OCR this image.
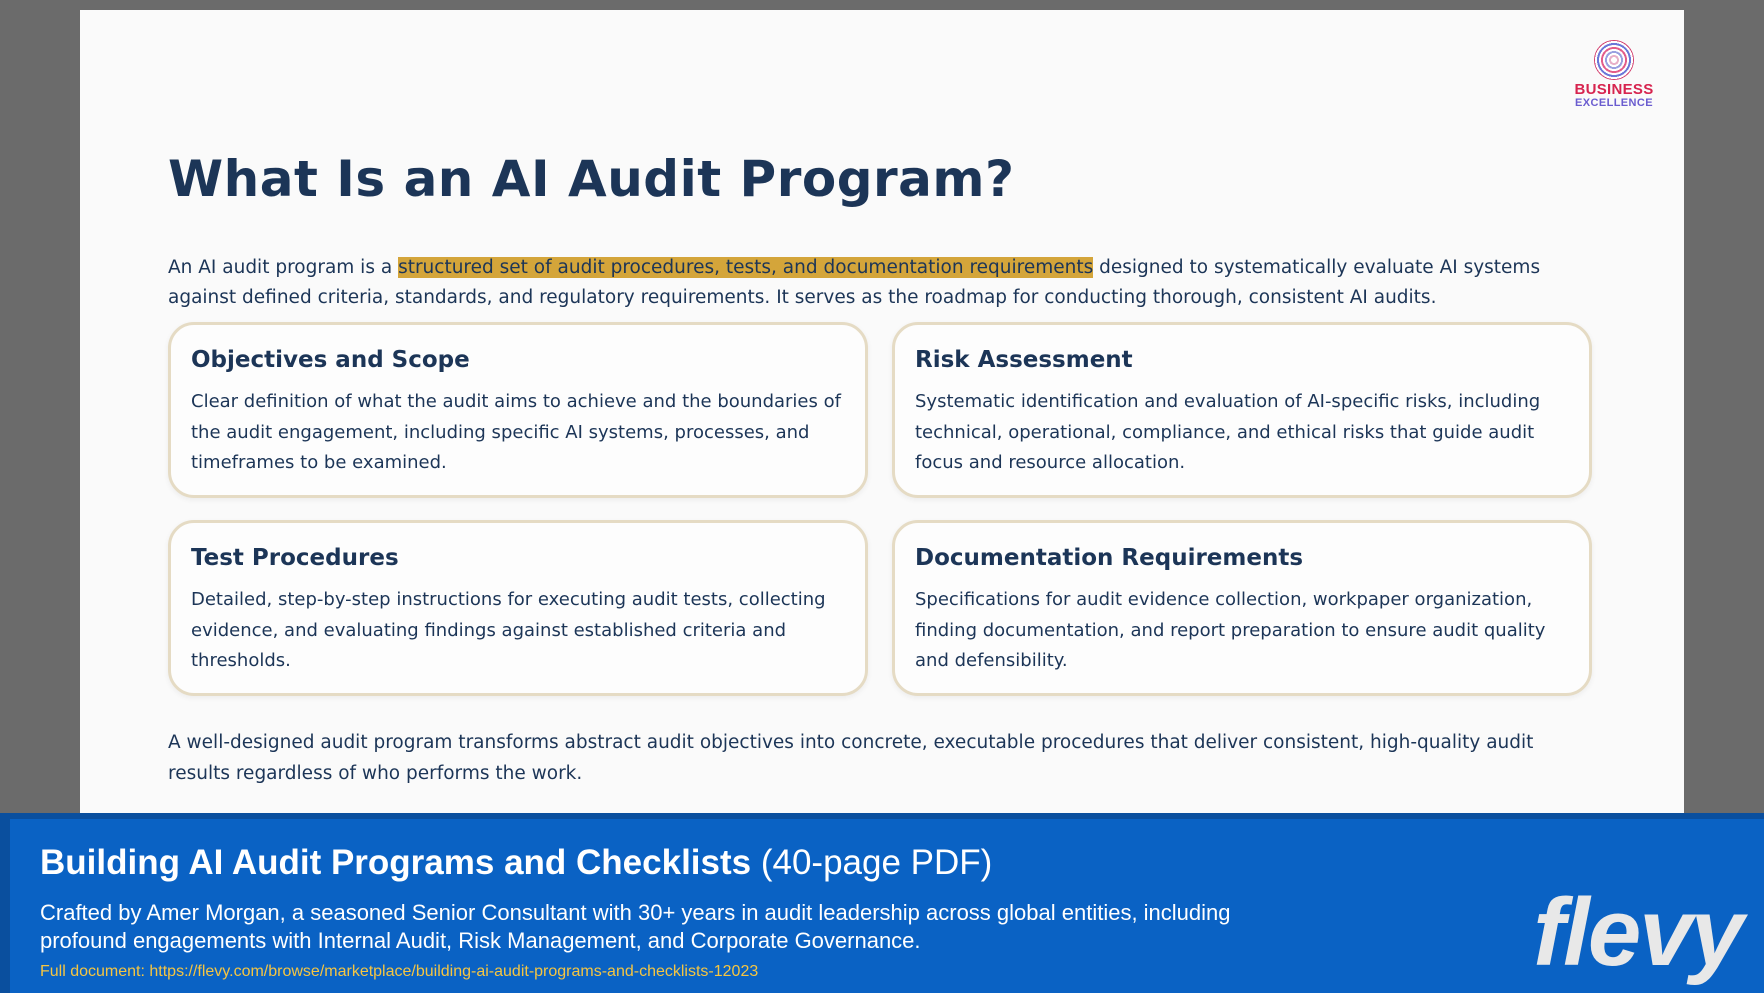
BUSINESS
EXCELLENCE
What Is an AI Audit Program?

An AI audit program is a structured set of audit procedures, tests, and documentation requirements designed to systematically evaluate AI systems against defined criteria, standards, and regulatory requirements. It serves as the roadmap for conducting thorough, consistent AI audits.

Objectives and Scope

Clear definition of what the audit aims to achieve and the boundaries of the audit engagement, including specific AI systems, processes, and timeframes to be examined.

Risk Assessment

Systematic identification and evaluation of AI-specific risks, including technical, operational, compliance, and ethical risks that guide audit focus and resource allocation.

Test Procedures

Detailed, step-by-step instructions for executing audit tests, collecting evidence, and evaluating findings against established criteria and thresholds.

Documentation Requirements

Specifications for audit evidence collection, workpaper organization, finding documentation, and report preparation to ensure audit quality and defensibility.

A well-designed audit program transforms abstract audit objectives into concrete, executable procedures that deliver consistent, high-quality audit results regardless of who performs the work.

Building AI Audit Programs and Checklists (40-page PDF)
Crafted by Amer Morgan, a seasoned Senior Consultant with 30+ years in audit leadership across global entities, including profound engagements with Internal Audit, Risk Management, and Corporate Governance.
Full document: https://flevy.com/browse/marketplace/building-ai-audit-programs-and-checklists-12023	flevy
